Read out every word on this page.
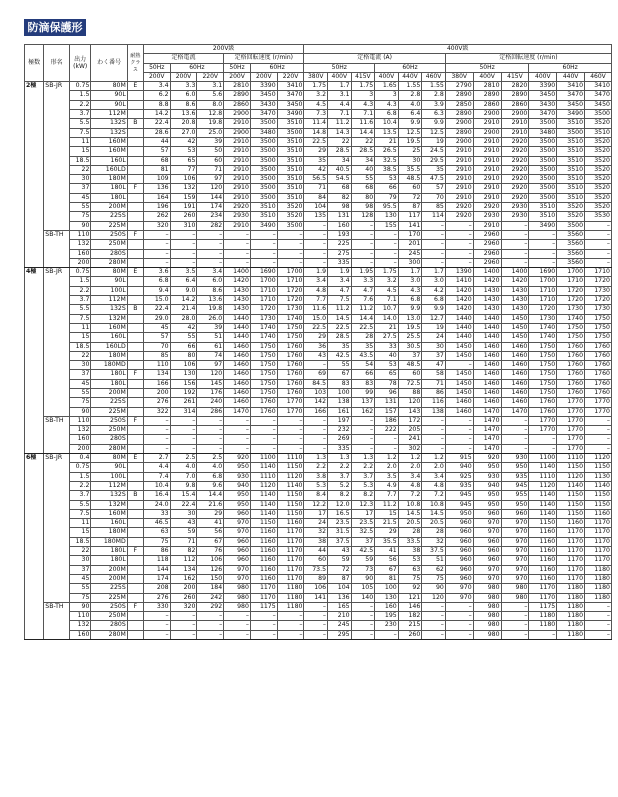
防滴保護形
極数	形名	出力 (kW)	わく番号	耐熱 クラス	200V級						400V級											
					定格電流			定格回転速度 (r/min)			定格電流 (A)						定格回転速度 (r/min)					
					50Hz	60Hz		50Hz	60Hz		50Hz			60Hz			50Hz			60Hz		
					200V	200V	220V	200V	200V	220V	380V	400V	415V	400V	440V	460V	380V	400V	415V	400V	440V	460V
2極	SB-JR	0.75	80M	E	3.4	3.3	3.1	2810	3390	3410	1.75	1.7	1.75	1.65	1.55	1.55	2790	2810	2820	3390	3410	3410
		1.5	90L		6.2	6.0	5.6	2890	3450	3470	3.2	3.1	3	3	2.8	2.8	2890	2890	2890	3450	3470	3470
		2.2	90L		8.8	8.6	8.0	2860	3430	3450	4.5	4.4	4.3	4.3	4.0	3.9	2850	2860	2860	3430	3450	3450
		3.7	112M		14.2	13.6	12.8	2900	3470	3490	7.3	7.1	7.1	6.8	6.4	6.3	2890	2900	2900	3470	3490	3500
		5.5	132S	B	22.4	20.8	19.8	2910	3500	3510	11.4	11.2	11.6	10.4	9.9	9.9	2900	2910	2910	3500	3510	3520
		7.5	132S		28.6	27.0	25.0	2900	3480	3500	14.8	14.3	14.4	13.5	12.5	12.5	2890	2900	2910	3480	3500	3510
		11	160M		44	42	39	2910	3500	3510	22.5	22	22	21	19.5	19	2900	2910	2920	3500	3510	3520
		15	160M		57	53	50	2910	3500	3510	29	28.5	28.5	26.5	25	24.5	2910	2910	2920	3500	3510	3520
		18.5	160L		68	65	60	2910	3500	3510	35	34	34	32.5	30	29.5	2910	2910	2920	3500	3510	3520
		22	160LD		81	77	71	2910	3500	3510	42	40.5	40	38.5	35.5	35	2910	2910	2920	3500	3510	3520
		30	180M		109	106	97	2910	3500	3510	56.5	54.5	55	53	48.5	47.5	2910	2910	2920	3500	3510	3520
		37	180L	F	136	132	120	2910	3500	3510	71	68	68	66	60	57	2910	2910	2920	3500	3510	3520
		45	180L		164	159	144	2910	3500	3510	84	82	80	79	72	70	2910	2910	2920	3500	3510	3520
		55	200M		196	191	174	2920	3510	3520	104	98	98	95.5	87	85	2920	2920	2930	3510	3520	3520
		75	225S		262	260	234	2930	3510	3520	135	131	128	130	117	114	2920	2930	2930	3510	3520	3530
		90	225M		320	310	282	2910	3490	3500	–	160	–	155	141	–	–	2910	–	3490	3500	–
	SB-TH	110	250S	F	–	–	–	–	–	–	–	193	–	–	170	–	–	2960	–	–	3560	–
		132	250M		–	–	–	–	–	–	–	225	–	–	201	–	–	2960	–	–	3560	–
		160	280S		–	–	–	–	–	–	–	275	–	–	245	–	–	2960	–	–	3560	–
		200	280M		–	–	–	–	–	–	–	335	–	–	300	–	–	2960	–	–	3560	–
4極	SB-JR	0.75	80M	E	3.6	3.5	3.4	1400	1690	1700	1.9	1.9	1.95	1.75	1.7	1.7	1390	1400	1400	1690	1700	1710
		1.5	90L		6.8	6.4	6.0	1420	1700	1710	3.4	3.4	3.3	3.2	3.0	3.0	1410	1420	1420	1700	1710	1720
		2.2	100L		9.4	9.0	8.6	1430	1710	1720	4.8	4.7	4.7	4.5	4.3	4.2	1420	1430	1430	1710	1720	1730
		3.7	112M		15.0	14.2	13.6	1430	1710	1720	7.7	7.5	7.6	7.1	6.8	6.8	1420	1430	1430	1710	1720	1720
		5.5	132S	B	22.4	21.4	19.8	1430	1720	1730	11.6	11.2	11.2	10.7	9.9	9.9	1420	1430	1430	1720	1730	1730
		7.5	132M		29.0	28.0	26.0	1440	1730	1740	15.0	14.5	14.4	14.0	13.0	12.7	1440	1440	1450	1730	1740	1750
		11	160M		45	42	39	1440	1740	1750	22.5	22.5	22.5	21	19.5	19	1440	1440	1450	1740	1750	1750
		15	160L		57	55	51	1440	1740	1750	29	28.5	28	27.5	25.5	24	1440	1440	1450	1740	1750	1750
		18.5	160LD		70	66	61	1460	1750	1760	36	35	35	33	30.5	30	1450	1460	1460	1750	1760	1760
		22	180M		85	80	74	1460	1750	1760	43	42.5	43.5	40	37	37	1450	1460	1460	1750	1760	1760
		30	180MD		110	106	97	1460	1750	1760	–	55	54	53	48.5	47	–	1460	1460	1750	1760	1760
		37	180L	F	134	130	120	1460	1750	1760	69	67	66	65	60	58	1450	1460	1460	1750	1760	1760
		45	180L		166	156	145	1460	1750	1760	84.5	83	83	78	72.5	71	1450	1460	1460	1750	1760	1760
		55	200M		200	192	176	1460	1750	1760	103	100	99	96	88	86	1450	1460	1460	1750	1760	1760
		75	225S		276	261	240	1460	1760	1770	142	138	137	131	120	116	1460	1460	1460	1760	1770	1770
		90	225M		322	314	286	1470	1760	1770	166	161	162	157	143	138	1460	1470	1470	1760	1770	1770
	SB-TH	110	250S	F	–	–	–	–	–	–	–	197	–	186	172	–	–	1470	–	1770	1770	–
		132	250M		–	–	–	–	–	–	–	232	–	222	205	–	–	1470	–	1770	1770	–
		160	280S		–	–	–	–	–	–	–	269	–	–	241	–	–	1470	–	–	1770	–
		200	280M		–	–	–	–	–	–	–	335	–	–	302	–	–	1470	–	–	1770	–
6極	SB-JR	0.4	80M	E	2.7	2.5	2.5	920	1100	1110	1.3	1.3	1.3	1.2	1.2	1.2	915	920	930	1100	1110	1120
		0.75	90L		4.4	4.0	4.0	950	1140	1150	2.2	2.2	2.2	2.0	2.0	2.0	940	950	950	1140	1150	1150
		1.5	100L		7.4	7.0	6.8	930	1110	1120	3.8	3.7	3.7	3.5	3.4	3.4	925	930	935	1110	1120	1130
		2.2	112M		10.4	9.8	9.6	940	1120	1140	5.3	5.2	5.3	4.9	4.8	4.8	935	940	945	1120	1140	1140
		3.7	132S	B	16.4	15.4	14.4	950	1140	1150	8.4	8.2	8.2	7.7	7.2	7.2	945	950	955	1140	1150	1150
		5.5	132M		24.0	22.4	21.6	950	1140	1150	12.2	12.0	12.3	11.2	10.8	10.8	945	950	950	1140	1150	1150
		7.5	160M		33	30	29	960	1140	1150	17	16.5	17	15	14.5	14.5	950	960	960	1140	1150	1160
		11	160L		46.5	43	41	970	1150	1160	24	23.5	23.5	21.5	20.5	20.5	960	970	970	1150	1160	1170
		15	180M		63	59	56	970	1160	1170	32	31.5	32.5	29	28	28	960	970	970	1160	1170	1170
		18.5	180MD		75	71	67	960	1160	1170	38	37.5	37	35.5	33.5	32	960	960	970	1160	1170	1170
		22	180L	F	86	82	76	960	1160	1170	44	43	42.5	41	38	37.5	960	960	970	1160	1170	1170
		30	180L		118	112	106	960	1160	1170	60	59	59	56	53	51	960	960	970	1160	1170	1170
		37	200M		144	134	126	970	1160	1170	73.5	72	73	67	63	62	960	970	970	1160	1170	1180
		45	200M		174	162	150	970	1160	1170	89	87	90	81	75	75	960	970	970	1160	1170	1180
		55	225S		208	200	184	980	1170	1180	106	104	105	100	92	90	970	980	980	1170	1180	1180
		75	225M		276	260	242	980	1170	1180	141	136	140	130	121	120	970	980	980	1170	1180	1180
	SB-TH	90	250S	F	330	320	292	980	1175	1180	–	165	–	160	146	–	–	980	–	1175	1180	–
		110	250M		–	–	–	–	–	–	–	210	–	195	182	–	–	980	–	1180	1180	–
		132	280S		–	–	–	–	–	–	–	245	–	230	215	–	–	980	–	1180	1180	–
		160	280M		–	–	–	–	–	–	–	295	–	–	260	–	–	980	–	–	1180	–
